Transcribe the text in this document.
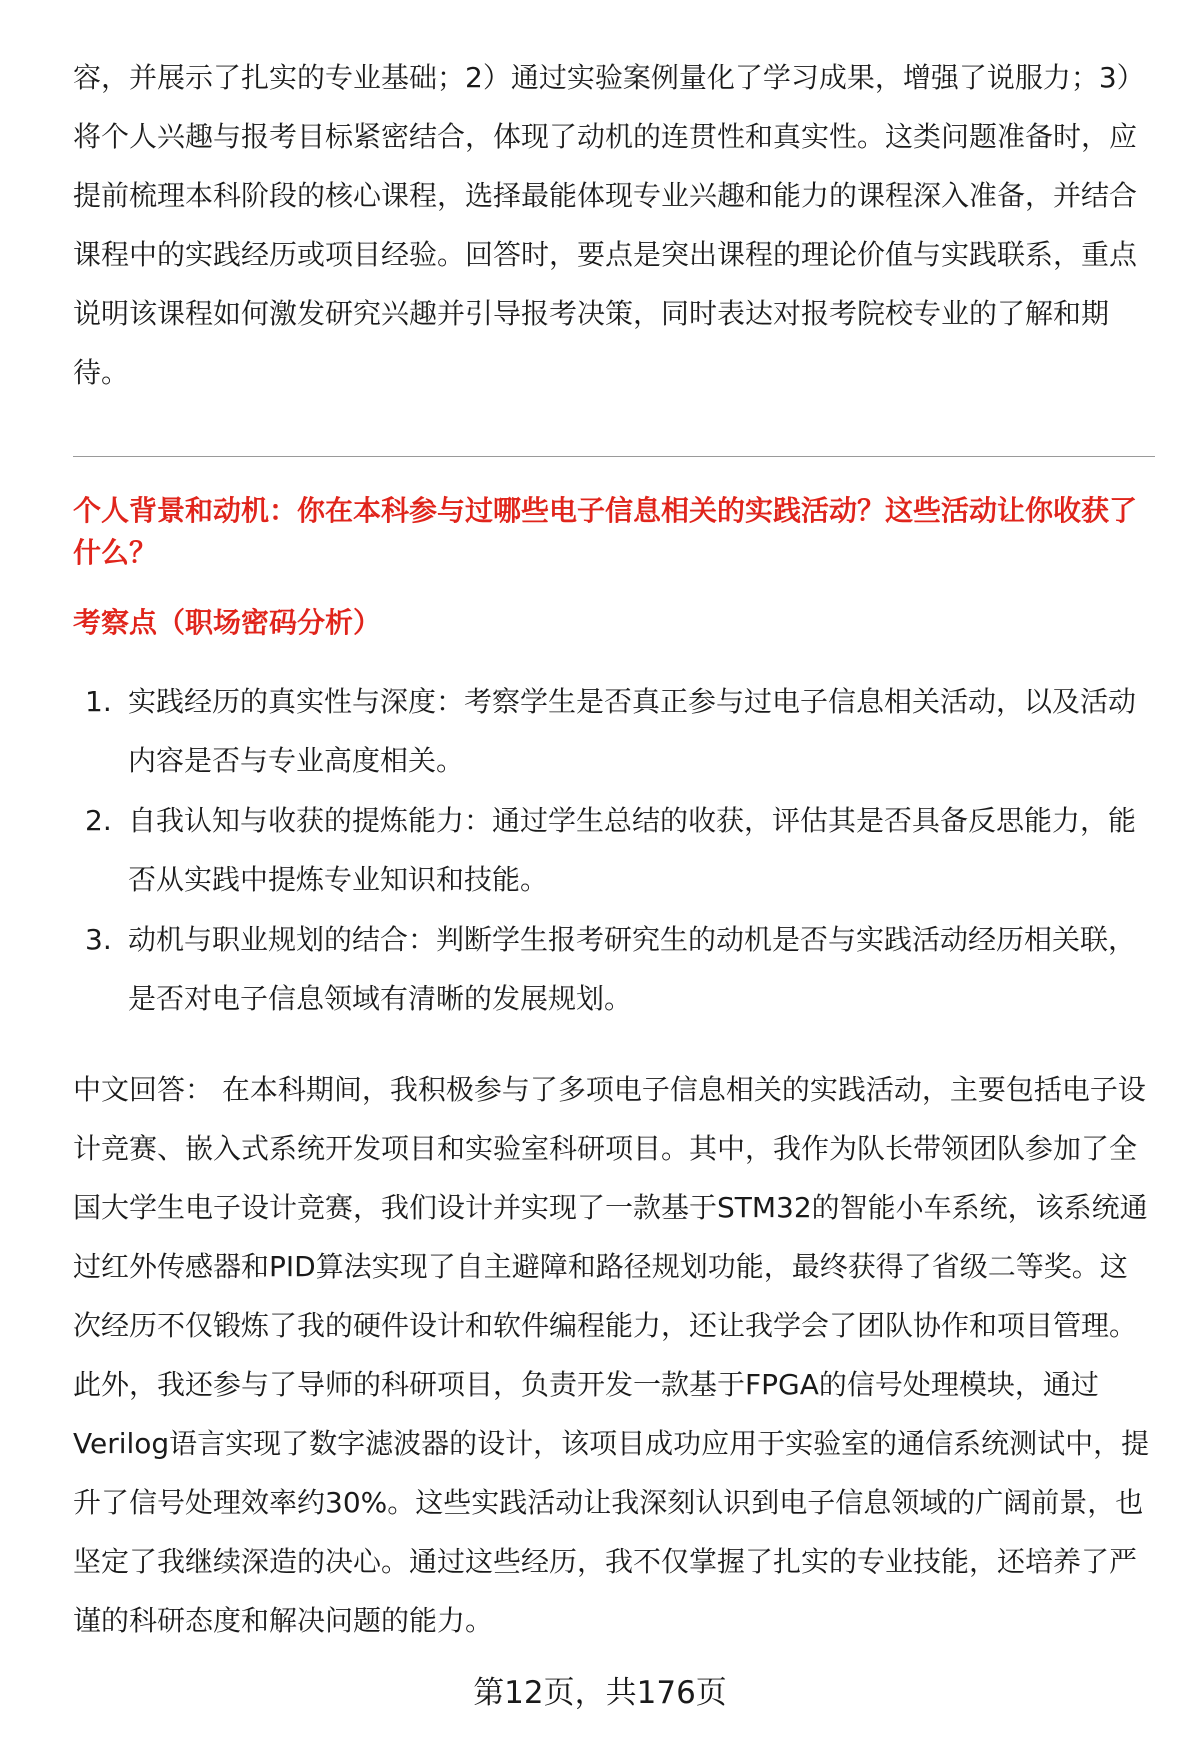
容，并展示了扎实的专业基础；2）通过实验案例量化了学习成果，增强了说服力；3）将个人兴趣与报考目标紧密结合，体现了动机的连贯性和真实性。这类问题准备时，应提前梳理本科阶段的核心课程，选择最能体现专业兴趣和能力的课程深入准备，并结合课程中的实践经历或项目经验。回答时，要点是突出课程的理论价值与实践联系，重点说明该课程如何激发研究兴趣并引导报考决策，同时表达对报考院校专业的了解和期待。

个人背景和动机：你在本科参与过哪些电子信息相关的实践活动？这些活动让你收获了什么？

考察点（职场密码分析）

1. 实践经历的真实性与深度：考察学生是否真正参与过电子信息相关活动，以及活动内容是否与专业高度相关。
2. 自我认知与收获的提炼能力：通过学生总结的收获，评估其是否具备反思能力，能否从实践中提炼专业知识和技能。
3. 动机与职业规划的结合：判断学生报考研究生的动机是否与实践活动经历相关联，是否对电子信息领域有清晰的发展规划。

中文回答： 在本科期间，我积极参与了多项电子信息相关的实践活动，主要包括电子设计竞赛、嵌入式系统开发项目和实验室科研项目。其中，我作为队长带领团队参加了全国大学生电子设计竞赛，我们设计并实现了一款基于STM32的智能小车系统，该系统通过红外传感器和PID算法实现了自主避障和路径规划功能，最终获得了省级二等奖。这次经历不仅锻炼了我的硬件设计和软件编程能力，还让我学会了团队协作和项目管理。此外，我还参与了导师的科研项目，负责开发一款基于FPGA的信号处理模块，通过Verilog语言实现了数字滤波器的设计，该项目成功应用于实验室的通信系统测试中，提升了信号处理效率约30%。这些实践活动让我深刻认识到电子信息领域的广阔前景，也坚定了我继续深造的决心。通过这些经历，我不仅掌握了扎实的专业技能，还培养了严谨的科研态度和解决问题的能力。

第12页，共176页
